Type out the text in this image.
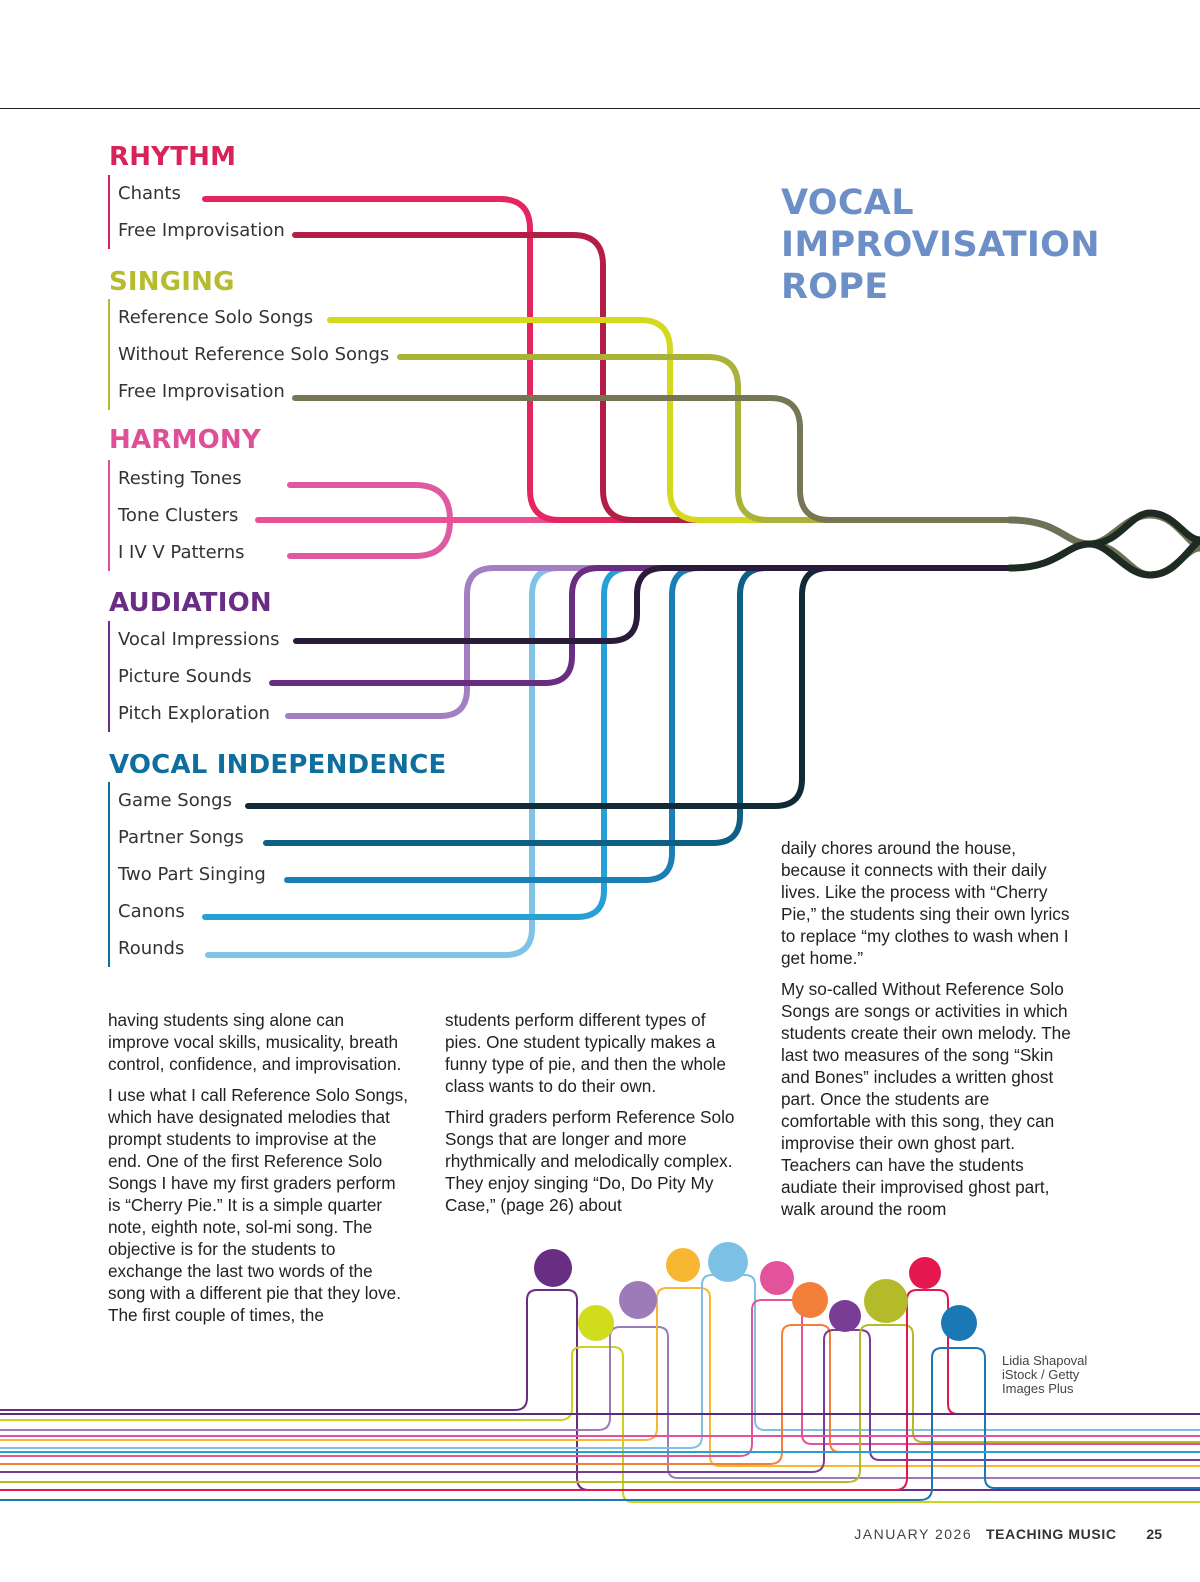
RHYTHM
Chants
Free Improvisation
SINGING
Reference Solo Songs
Without Reference Solo Songs
Free Improvisation
HARMONY
Resting Tones
Tone Clusters
I IV V Patterns
AUDIATION
Vocal Impressions
Picture Sounds
Pitch Exploration
VOCAL INDEPENDENCE
Game Songs
Partner Songs
Two Part Singing
Canons
Rounds
VOCAL
IMPROVISATION
ROPE

having students sing alone can improve vocal skills, musicality, breath control, confidence, and improvisation.

I use what I call Reference Solo Songs, which have designated melodies that prompt students to improvise at the end. One of the first Reference Solo Songs I have my first graders perform is “Cherry Pie.” It is a simple quarter note, eighth note, sol-mi song. The objective is for the students to exchange the last two words of the song with a different pie that they love. The first couple of times, the

students perform different types of pies. One student typically makes a funny type of pie, and then the whole class wants to do their own.

Third graders perform Reference Solo Songs that are longer and more rhythmically and melodically complex. They enjoy singing “Do, Do Pity My Case,” (page 26) about

daily chores around the house, because it connects with their daily lives. Like the process with “Cherry Pie,” the students sing their own lyrics to replace “my clothes to wash when I get home.”

My so-called Without Reference Solo Songs are songs or activities in which students create their own melody. The last two measures of the song “Skin and Bones” includes a written ghost part. Once the students are comfortable with this song, they can improvise their own ghost part. Teachers can have the students audiate their improvised ghost part, walk around the room

Lidia Shapoval
iStock / Getty
Images Plus
JANUARY 2026 TEACHING MUSIC 25
